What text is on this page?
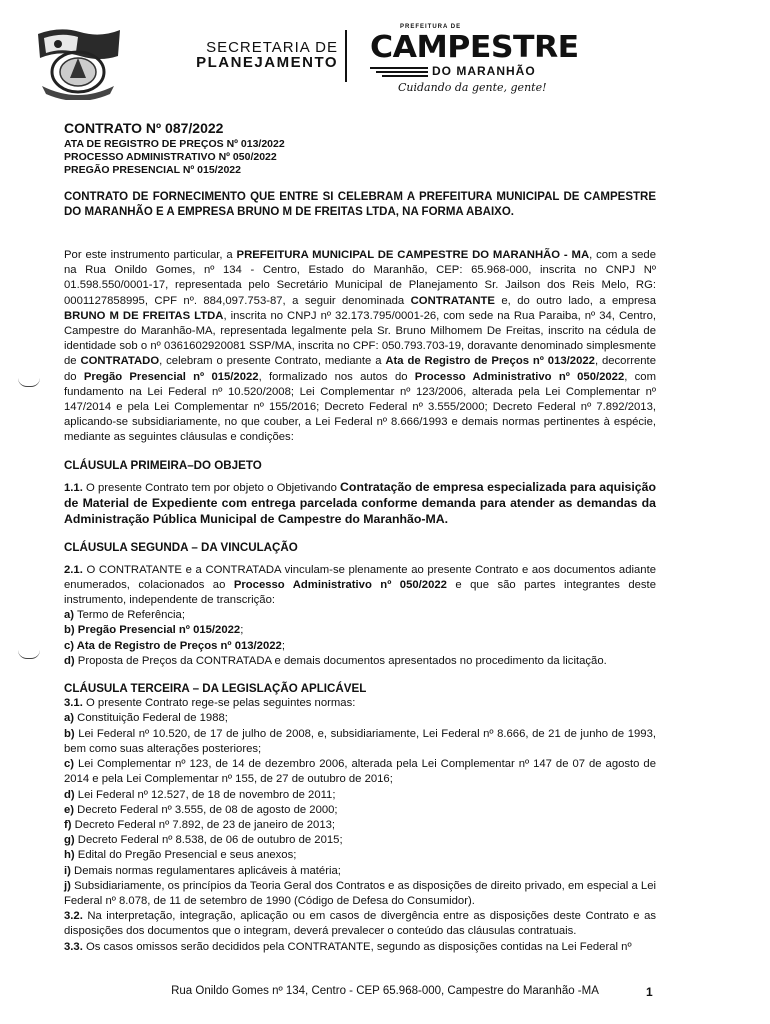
SECRETARIA DE
PLANEJAMENTO
PREFEITURA DE
CAMPESTRE
DO MARANHÃO
Cuidando da gente, gente!
CONTRATO Nº 087/2022
ATA DE REGISTRO DE PREÇOS Nº 013/2022
PROCESSO ADMINISTRATIVO Nº 050/2022
PREGÃO PRESENCIAL Nº 015/2022
CONTRATO DE FORNECIMENTO QUE ENTRE SI CELEBRAM A PREFEITURA MUNICIPAL DE CAMPESTRE DO MARANHÃO E A EMPRESA BRUNO M DE FREITAS LTDA, NA FORMA ABAIXO.

Por este instrumento particular, a PREFEITURA MUNICIPAL DE CAMPESTRE DO MARANHÃO - MA, com a sede na Rua Onildo Gomes, nº 134 - Centro, Estado do Maranhão, CEP: 65.968-000, inscrita no CNPJ Nº 01.598.550/0001-17, representada pelo Secretário Municipal de Planejamento Sr. Jailson dos Reis Melo, RG: 0001127858995, CPF nº. 884,097.753-87, a seguir denominada CONTRATANTE e, do outro lado, a empresa BRUNO M DE FREITAS LTDA, inscrita no CNPJ nº 32.173.795/0001-26, com sede na Rua Paraiba, nº 34, Centro, Campestre do Maranhão-MA, representada legalmente pela Sr. Bruno Milhomem De Freitas, inscrito na cédula de identidade sob o nº 0361602920081 SSP/MA, inscrita no CPF: 050.793.703-19, doravante denominado simplesmente de CONTRATADO, celebram o presente Contrato, mediante a Ata de Registro de Preços nº 013/2022, decorrente do Pregão Presencial nº 015/2022, formalizado nos autos do Processo Administrativo nº 050/2022, com fundamento na Lei Federal nº 10.520/2008; Lei Complementar nº 123/2006, alterada pela Lei Complementar nº 147/2014 e pela Lei Complementar nº 155/2016; Decreto Federal nº 3.555/2000; Decreto Federal nº 7.892/2013, aplicando-se subsidiariamente, no que couber, a Lei Federal nº 8.666/1993 e demais normas pertinentes à espécie, mediante as seguintes cláusulas e condições:

CLÁUSULA PRIMEIRA–DO OBJETO

1.1. O presente Contrato tem por objeto o Objetivando Contratação de empresa especializada para aquisição de Material de Expediente com entrega parcelada conforme demanda para atender as demandas da Administração Pública Municipal de Campestre do Maranhão-MA.

CLÁUSULA SEGUNDA – DA VINCULAÇÃO

2.1. O CONTRATANTE e a CONTRATADA vinculam-se plenamente ao presente Contrato e aos documentos adiante enumerados, colacionados ao Processo Administrativo nº 050/2022 e que são partes integrantes deste instrumento, independente de transcrição:

a) Termo de Referência;

b) Pregão Presencial nº 015/2022;

c) Ata de Registro de Preços nº 013/2022;

d) Proposta de Preços da CONTRATADA e demais documentos apresentados no procedimento da licitação.

CLÁUSULA TERCEIRA – DA LEGISLAÇÃO APLICÁVEL

3.1. O presente Contrato rege-se pelas seguintes normas:

a) Constituição Federal de 1988;

b) Lei Federal nº 10.520, de 17 de julho de 2008, e, subsidiariamente, Lei Federal nº 8.666, de 21 de junho de 1993, bem como suas alterações posteriores;

c) Lei Complementar nº 123, de 14 de dezembro 2006, alterada pela Lei Complementar nº 147 de 07 de agosto de 2014 e pela Lei Complementar nº 155, de 27 de outubro de 2016;

d) Lei Federal nº 12.527, de 18 de novembro de 2011;

e) Decreto Federal nº 3.555, de 08 de agosto de 2000;

f) Decreto Federal nº 7.892, de 23 de janeiro de 2013;

g) Decreto Federal nº 8.538, de 06 de outubro de 2015;

h) Edital do Pregão Presencial e seus anexos;

i) Demais normas regulamentares aplicáveis à matéria;

j) Subsidiariamente, os princípios da Teoria Geral dos Contratos e as disposições de direito privado, em especial a Lei Federal nº 8.078, de 11 de setembro de 1990 (Código de Defesa do Consumidor).

3.2. Na interpretação, integração, aplicação ou em casos de divergência entre as disposições deste Contrato e as disposições dos documentos que o integram, deverá prevalecer o conteúdo das cláusulas contratuais.

3.3. Os casos omissos serão decididos pela CONTRATANTE, segundo as disposições contidas na Lei Federal nº

Rua Onildo Gomes nº 134, Centro - CEP 65.968-000, Campestre do Maranhão -MA	1
